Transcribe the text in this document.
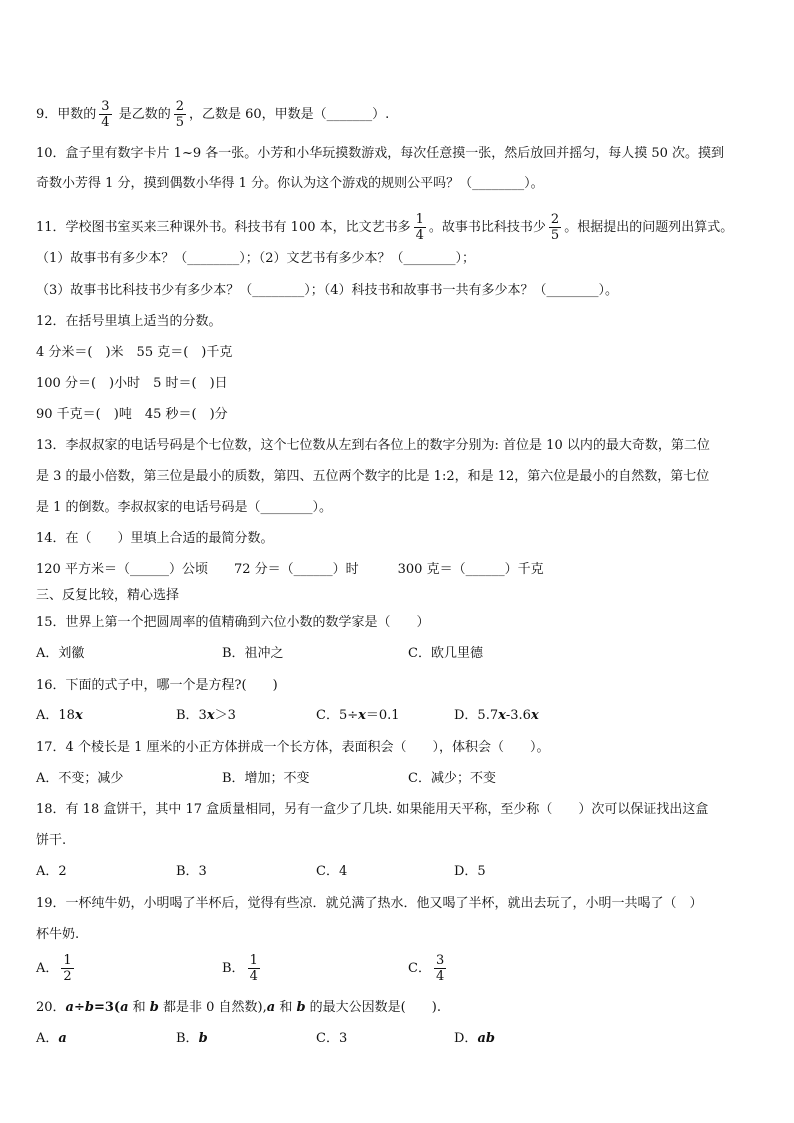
9．甲数的 $\frac{3}{4}$ 是乙数的 $\frac{2}{5}$ ，乙数是 60，甲数是（_______）.
10．盒子里有数字卡片 1~9 各一张。小芳和小华玩摸数游戏，每次任意摸一张，然后放回并摇匀，每人摸 50 次。摸到
奇数小芳得 1 分，摸到偶数小华得 1 分。你认为这个游戏的规则公平吗？（________）。
11．学校图书室买来三种课外书。科技书有 100 本，比文艺书多 $\frac{1}{4}$ 。故事书比科技书少 $\frac{2}{5}$ 。根据提出的问题列出算式。
（1）故事书有多少本？（________）；（2）文艺书有多少本？（________）；
（3）故事书比科技书少有多少本？（________）；（4）科技书和故事书一共有多少本？（________）。
12．在括号里填上适当的分数。
4 分米＝(　)米　55 克＝(　)千克
100 分＝(　)小时　5 时＝(　)日
90 千克＝(　)吨　45 秒＝(　)分
13．李叔叔家的电话号码是个七位数，这个七位数从左到右各位上的数字分别为: 首位是 10 以内的最大奇数，第二位
是 3 的最小倍数，第三位是最小的质数，第四、五位两个数字的比是 1:2，和是 12，第六位是最小的自然数，第七位
是 1 的倒数。李叔叔家的电话号码是（________）。
14．在（　　）里填上合适的最简分数。
120 平方米＝（______）公顷　　72 分＝（______）时　　　300 克＝（______）千克
三、反复比较，精心选择
15．世界上第一个把圆周率的值精确到六位小数的数学家是（　　）
A．刘徽	B．祖冲之	C．欧几里德
16．下面的式子中，哪一个是方程?(　　)
A．18x	B．3x＞3	C．5÷x＝0.1	D．5.7x-3.6x
17．4 个棱长是 1 厘米的小正方体拼成一个长方体，表面积会（　　），体积会（　　）。
A．不变；减少	B．增加；不变	C．减少；不变
18．有 18 盒饼干，其中 17 盒质量相同，另有一盒少了几块. 如果能用天平称，至少称（　　）次可以保证找出这盒
饼干.
A．2	B．3	C．4	D．5
19．一杯纯牛奶，小明喝了半杯后，觉得有些凉．就兑满了热水．他又喝了半杯，就出去玩了，小明一共喝了（　）
杯牛奶.
A． $\frac{1}{2}$	B． $\frac{1}{4}$	C． $\frac{3}{4}$
20．a÷b=3(a 和 b 都是非 0 自然数),a 和 b 的最大公因数是(　　).
A．a	B．b	C．3	D．ab
